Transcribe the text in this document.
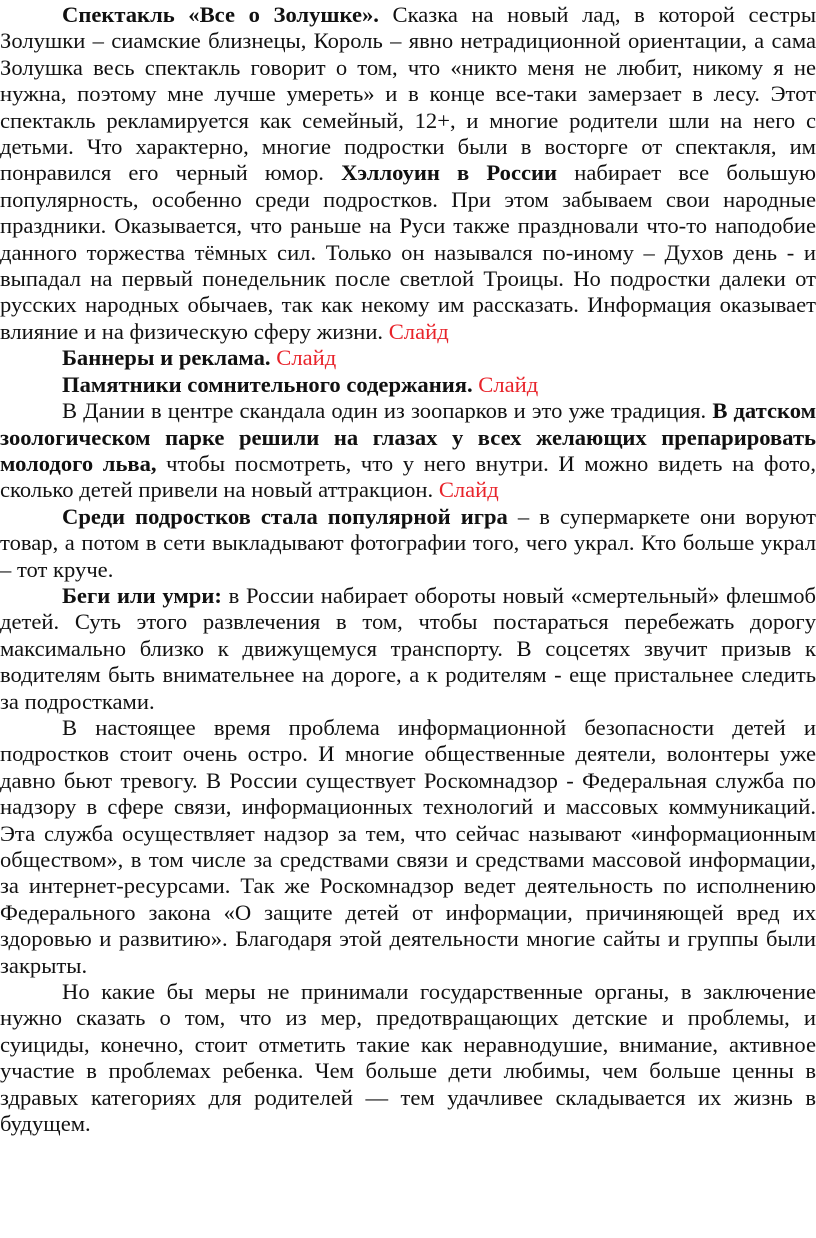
Спектакль «Все о Золушке». Сказка на новый лад, в которой сестры Золушки – сиамские близнецы, Король – явно нетрадиционной ориентации, а сама Золушка весь спектакль говорит о том, что «никто меня не любит, никому я не нужна, поэтому мне лучше умереть» и в конце все-таки замерзает в лесу. Этот спектакль рекламируется как семейный, 12+, и многие родители шли на него с детьми. Что характерно, многие подростки были в восторге от спектакля, им понравился его черный юмор. Хэллоуин в России набирает все большую популярность, особенно среди подростков. При этом забываем свои народные праздники. Оказывается, что раньше на Руси также праздновали что-то наподобие данного торжества тёмных сил. Только он назывался по-иному – Духов день - и выпадал на первый понедельник после светлой Троицы. Но подростки далеки от русских народных обычаев, так как некому им рассказать. Информация оказывает влияние и на физическую сферу жизни. Слайд

Баннеры и реклама. Слайд

Памятники сомнительного содержания. Слайд

В Дании в центре скандала один из зоопарков и это уже традиция. В датском зоологическом парке решили на глазах у всех желающих препарировать молодого льва, чтобы посмотреть, что у него внутри. И можно видеть на фото, сколько детей привели на новый аттракцион. Слайд

Среди подростков стала популярной игра – в супермаркете они воруют товар, а потом в сети выкладывают фотографии того, чего украл. Кто больше украл – тот круче.

Беги или умри: в России набирает обороты новый «смертельный» флешмоб детей. Суть этого развлечения в том, чтобы постараться перебежать дорогу максимально близко к движущемуся транспорту. В соцсетях звучит призыв к водителям быть внимательнее на дороге, а к родителям - еще пристальнее следить за подростками.

В настоящее время проблема информационной безопасности детей и подростков стоит очень остро. И многие общественные деятели, волонтеры уже давно бьют тревогу. В России существует Роскомнадзор - Федеральная служба по надзору в сфере связи, информационных технологий и массовых коммуникаций. Эта служба осуществляет надзор за тем, что сейчас называют «информационным обществом», в том числе за средствами связи и средствами массовой информации, за интернет-ресурсами. Так же Роскомнадзор ведет деятельность по исполнению Федерального закона «О защите детей от информации, причиняющей вред их здоровью и развитию». Благодаря этой деятельности многие сайты и группы были закрыты.

Но какие бы меры не принимали государственные органы, в заключение нужно сказать о том, что из мер, предотвращающих детские и проблемы, и суициды, конечно, стоит отметить такие как неравнодушие, внимание, активное участие в проблемах ребенка. Чем больше дети любимы, чем больше ценны в здравых категориях для родителей — тем удачливее складывается их жизнь в будущем.
